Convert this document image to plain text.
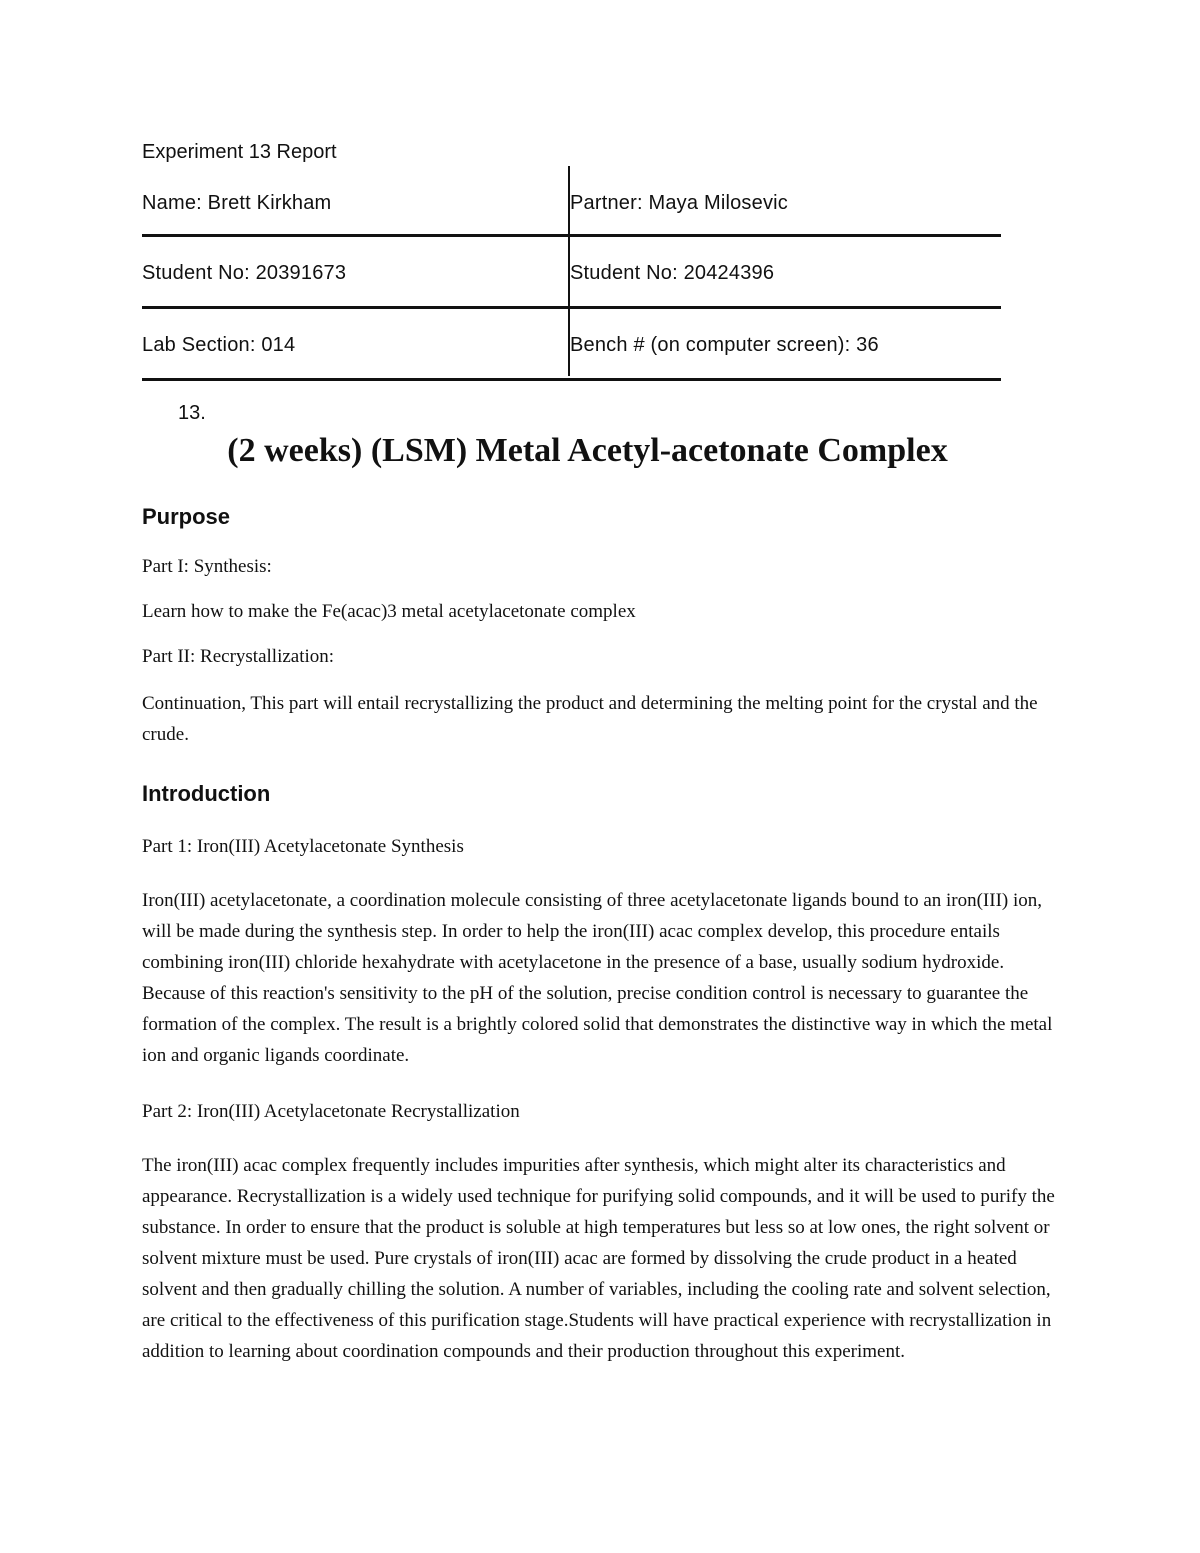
Experiment 13 Report
Name: Brett Kirkham	Partner: Maya Milosevic
Student No: 20391673	Student No: 20424396
Lab Section: 014	Bench # (on computer screen): 36
13.
(2 weeks) (LSM) Metal Acetyl-acetonate Complex
Purpose

Part I: Synthesis:

Learn how to make the Fe(acac)3 metal acetylacetonate complex

Part II: Recrystallization:

Continuation, This part will entail recrystallizing the product and determining the melting point for the crystal and the crude.

Introduction

Part 1: Iron(III) Acetylacetonate Synthesis

Iron(III) acetylacetonate, a coordination molecule consisting of three acetylacetonate ligands bound to an iron(III) ion, will be made during the synthesis step. In order to help the iron(III) acac complex develop, this procedure entails combining iron(III) chloride hexahydrate with acetylacetone in the presence of a base, usually sodium hydroxide. Because of this reaction's sensitivity to the pH of the solution, precise condition control is necessary to guarantee the formation of the complex. The result is a brightly colored solid that demonstrates the distinctive way in which the metal ion and organic ligands coordinate.

Part 2: Iron(III) Acetylacetonate Recrystallization

The iron(III) acac complex frequently includes impurities after synthesis, which might alter its characteristics and appearance. Recrystallization is a widely used technique for purifying solid compounds, and it will be used to purify the substance. In order to ensure that the product is soluble at high temperatures but less so at low ones, the right solvent or solvent mixture must be used. Pure crystals of iron(III) acac are formed by dissolving the crude product in a heated solvent and then gradually chilling the solution. A number of variables, including the cooling rate and solvent selection, are critical to the effectiveness of this purification stage.Students will have practical experience with recrystallization in addition to learning about coordination compounds and their production throughout this experiment.
